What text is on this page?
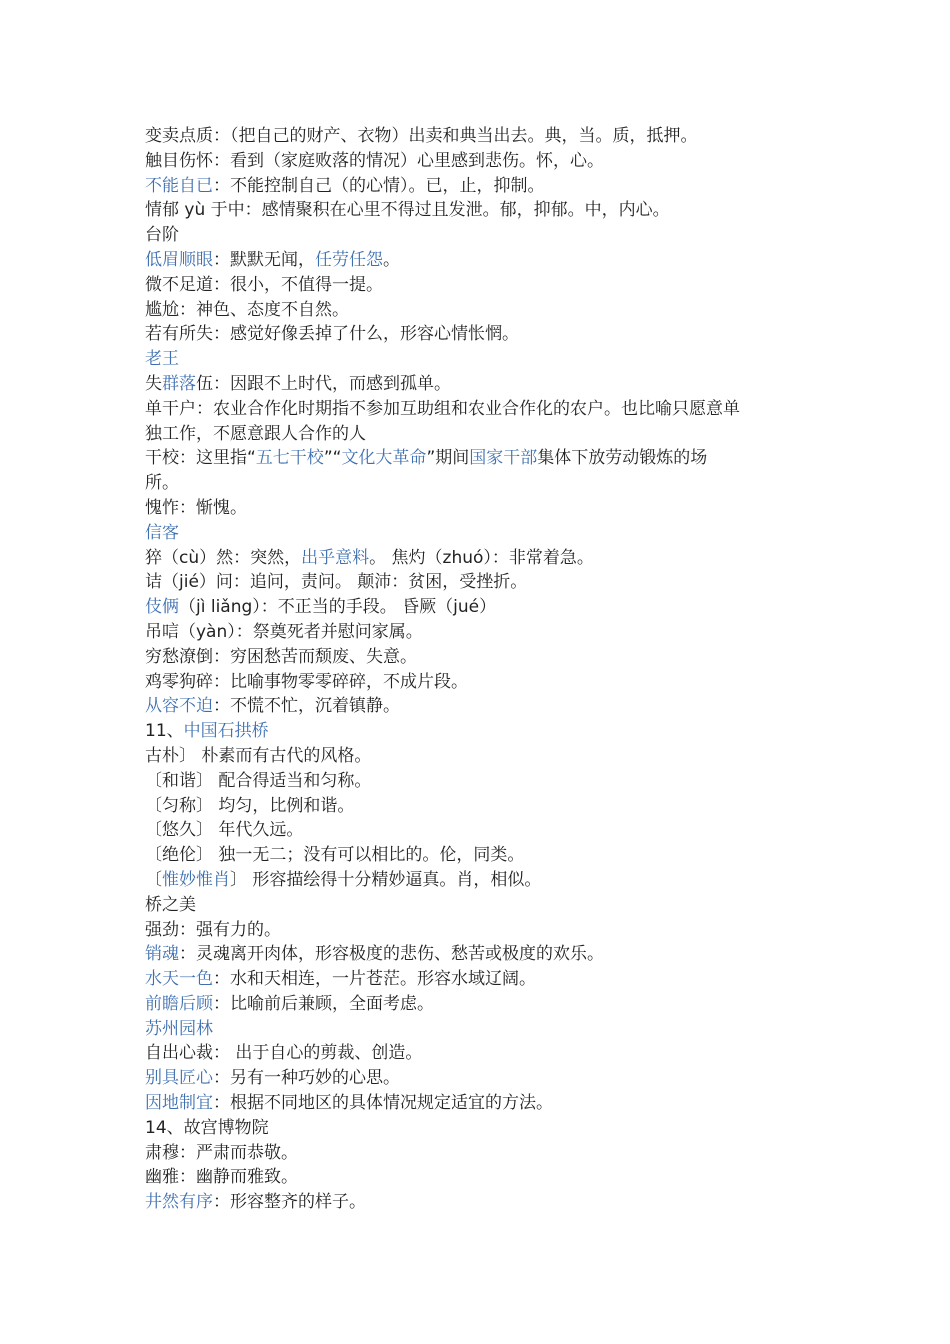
变卖点质：（把自己的财产、衣物）出卖和典当出去。典，当。质，抵押。

触目伤怀：看到（家庭败落的情况）心里感到悲伤。怀，心。

不能自已：不能控制自己（的心情）。已，止，抑制。

情郁 yù 于中：感情聚积在心里不得过且发泄。郁，抑郁。中，内心。

台阶

低眉顺眼：默默无闻，任劳任怨。

微不足道：很小，不值得一提。

尴尬：神色、态度不自然。

若有所失：感觉好像丢掉了什么，形容心情怅惘。

老王

失群落伍：因跟不上时代，而感到孤单。

单干户：农业合作化时期指不参加互助组和农业合作化的农户。也比喻只愿意单

独工作，不愿意跟人合作的人

干校：这里指“五七干校”“文化大革命”期间国家干部集体下放劳动锻炼的场

所。

愧怍：惭愧。

信客

猝（cù）然：突然，出乎意料。 焦灼（zhuó）：非常着急。

诘（jié）问：追问，责问。 颠沛：贫困，受挫折。

伎俩（jì liǎng）：不正当的手段。 昏厥（jué）

吊唁（yàn）：祭奠死者并慰问家属。

穷愁潦倒：穷困愁苦而颓废、失意。

鸡零狗碎：比喻事物零零碎碎，不成片段。

从容不迫：不慌不忙，沉着镇静。

11、中国石拱桥

古朴〕 朴素而有古代的风格。

〔和谐〕 配合得适当和匀称。

〔匀称〕 均匀，比例和谐。

〔悠久〕 年代久远。

〔绝伦〕 独一无二；没有可以相比的。伦，同类。

〔惟妙惟肖〕 形容描绘得十分精妙逼真。肖，相似。

桥之美

强劲：强有力的。

销魂：灵魂离开肉体，形容极度的悲伤、愁苦或极度的欢乐。

水天一色：水和天相连，一片苍茫。形容水域辽阔。

前瞻后顾：比喻前后兼顾，全面考虑。

苏州园林

自出心裁： 出于自心的剪裁、创造。

别具匠心：另有一种巧妙的心思。

因地制宜：根据不同地区的具体情况规定适宜的方法。

14、故宫博物院

肃穆：严肃而恭敬。

幽雅：幽静而雅致。

井然有序：形容整齐的样子。
